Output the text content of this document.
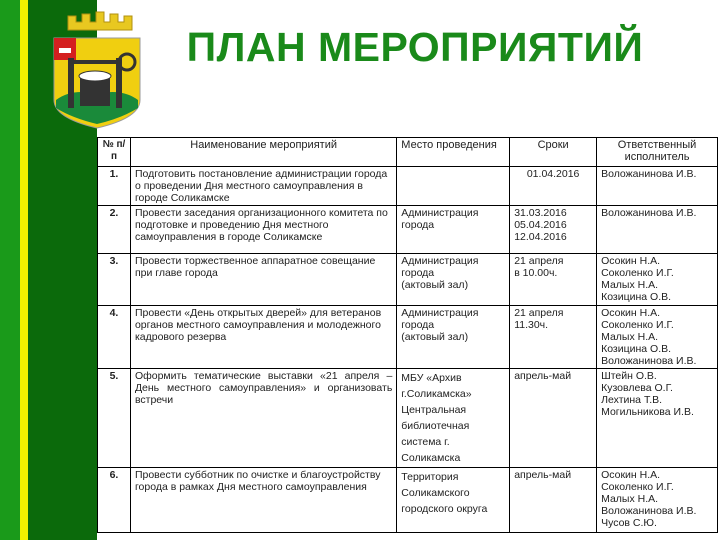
ПЛАН МЕРОПРИЯТИЙ
№ п/п	Наименование мероприятий	Место проведения	Сроки	Ответственный исполнитель
1.	Подготовить постановление администрации города о проведении Дня местного самоуправления в городе Соликамске		01.04.2016	Воложанинова И.В.
2.	Провести заседания организационного комитета по подготовке и проведению Дня местного самоуправления в городе Соликамске	Администрация города	31.03.2016
05.04.2016
12.04.2016	Воложанинова И.В.
3.	Провести торжественное аппаратное совещание при главе города	Администрация города
(актовый зал)	21 апреля
в 10.00ч.	Осокин Н.А.
Соколенко И.Г.
Малых Н.А.
Козицина О.В.
4.	Провести «День открытых дверей» для ветеранов органов местного самоуправления и молодежного кадрового резерва	Администрация города
(актовый зал)	21 апреля
11.30ч.	Осокин Н.А.
Соколенко И.Г.
Малых Н.А.
Козицина О.В.
Воложанинова И.В.
5.	Оформить тематические выставки «21 апреля – День местного самоуправления» и организовать встречи	МБУ «Архив г.Соликамска»
Центральная библиотечная система г. Соликамска	апрель-май	Штейн О.В.
Кузовлева О.Г.
Лехтина Т.В.
Могильникова И.В.
6.	Провести субботник по очистке и благоустройству города в рамках Дня местного самоуправления	Территория Соликамского городского округа	апрель-май	Осокин Н.А.
Соколенко И.Г.
Малых Н.А.
Воложанинова И.В.
Чусов С.Ю.
